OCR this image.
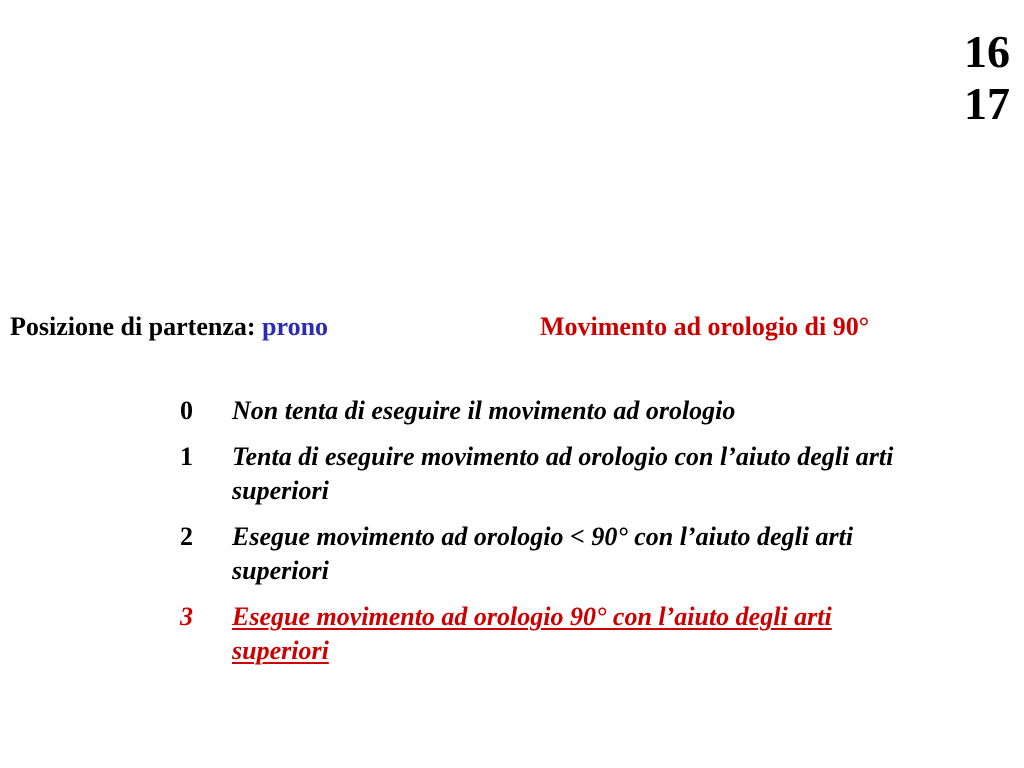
16
17
Posizione di partenza: prono	Movimento ad orologio di 90°
0	Non tenta di eseguire il movimento ad orologio
1	Tenta di eseguire movimento ad orologio con l’aiuto degli arti superiori
2	Esegue movimento ad orologio < 90° con l’aiuto degli arti superiori
3	Esegue movimento ad orologio 90° con l’aiuto degli arti superiori
